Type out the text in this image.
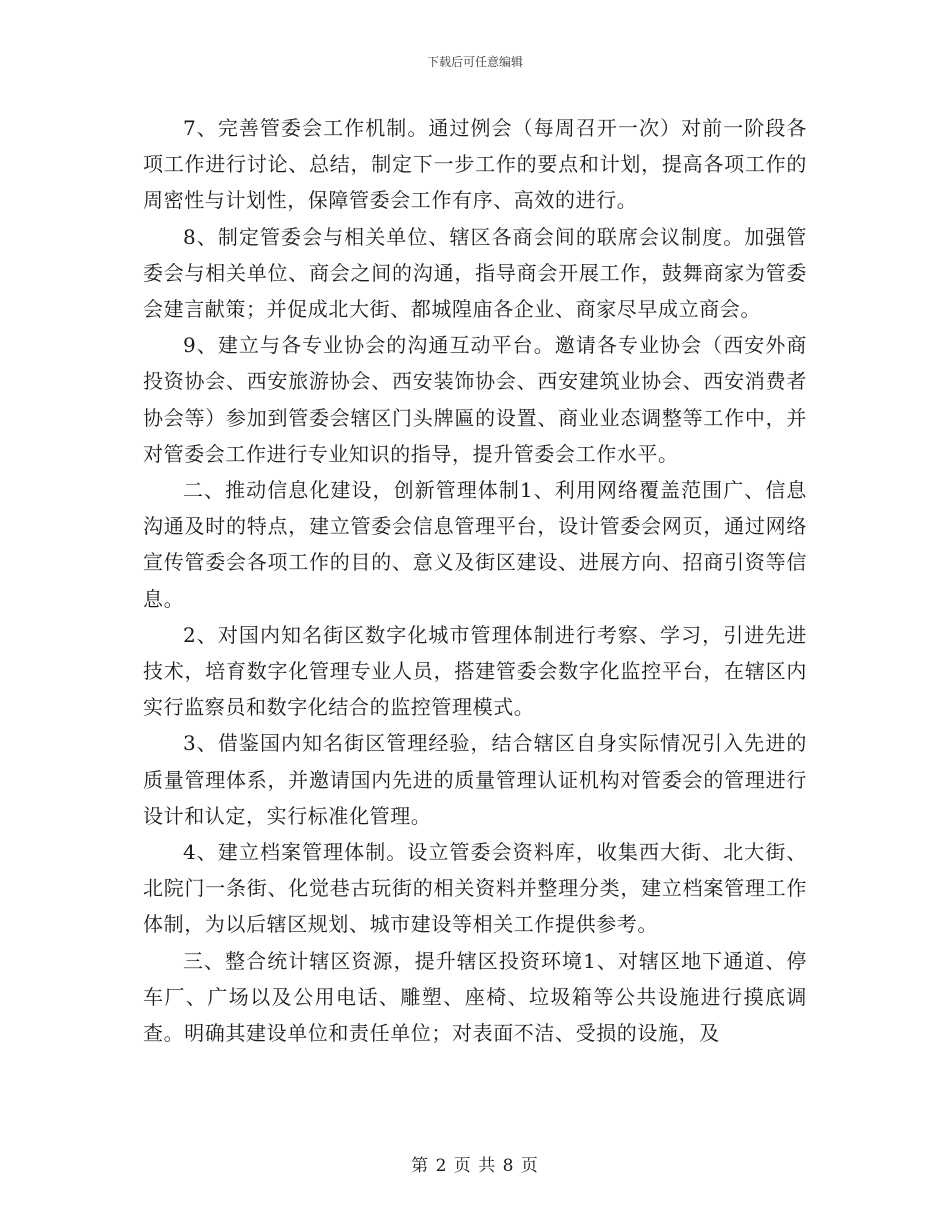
下载后可任意编辑

7、完善管委会工作机制。通过例会（每周召开一次）对前一阶段各项工作进行讨论、总结，制定下一步工作的要点和计划，提高各项工作的周密性与计划性，保障管委会工作有序、高效的进行。

8、制定管委会与相关单位、辖区各商会间的联席会议制度。加强管委会与相关单位、商会之间的沟通，指导商会开展工作，鼓舞商家为管委会建言献策；并促成北大街、都城隍庙各企业、商家尽早成立商会。

9、建立与各专业协会的沟通互动平台。邀请各专业协会（西安外商投资协会、西安旅游协会、西安装饰协会、西安建筑业协会、西安消费者协会等）参加到管委会辖区门头牌匾的设置、商业业态调整等工作中，并对管委会工作进行专业知识的指导，提升管委会工作水平。

二、推动信息化建设，创新管理体制1、利用网络覆盖范围广、信息沟通及时的特点，建立管委会信息管理平台，设计管委会网页，通过网络宣传管委会各项工作的目的、意义及街区建设、进展方向、招商引资等信息。

2、对国内知名街区数字化城市管理体制进行考察、学习，引进先进技术，培育数字化管理专业人员，搭建管委会数字化监控平台，在辖区内实行监察员和数字化结合的监控管理模式。

3、借鉴国内知名街区管理经验，结合辖区自身实际情况引入先进的质量管理体系，并邀请国内先进的质量管理认证机构对管委会的管理进行设计和认定，实行标准化管理。

4、建立档案管理体制。设立管委会资料库，收集西大街、北大街、北院门一条街、化觉巷古玩街的相关资料并整理分类，建立档案管理工作体制，为以后辖区规划、城市建设等相关工作提供参考。

三、整合统计辖区资源，提升辖区投资环境1、对辖区地下通道、停车厂、广场以及公用电话、雕塑、座椅、垃圾箱等公共设施进行摸底调查。明确其建设单位和责任单位；对表面不洁、受损的设施，及

第 2 页 共 8 页
